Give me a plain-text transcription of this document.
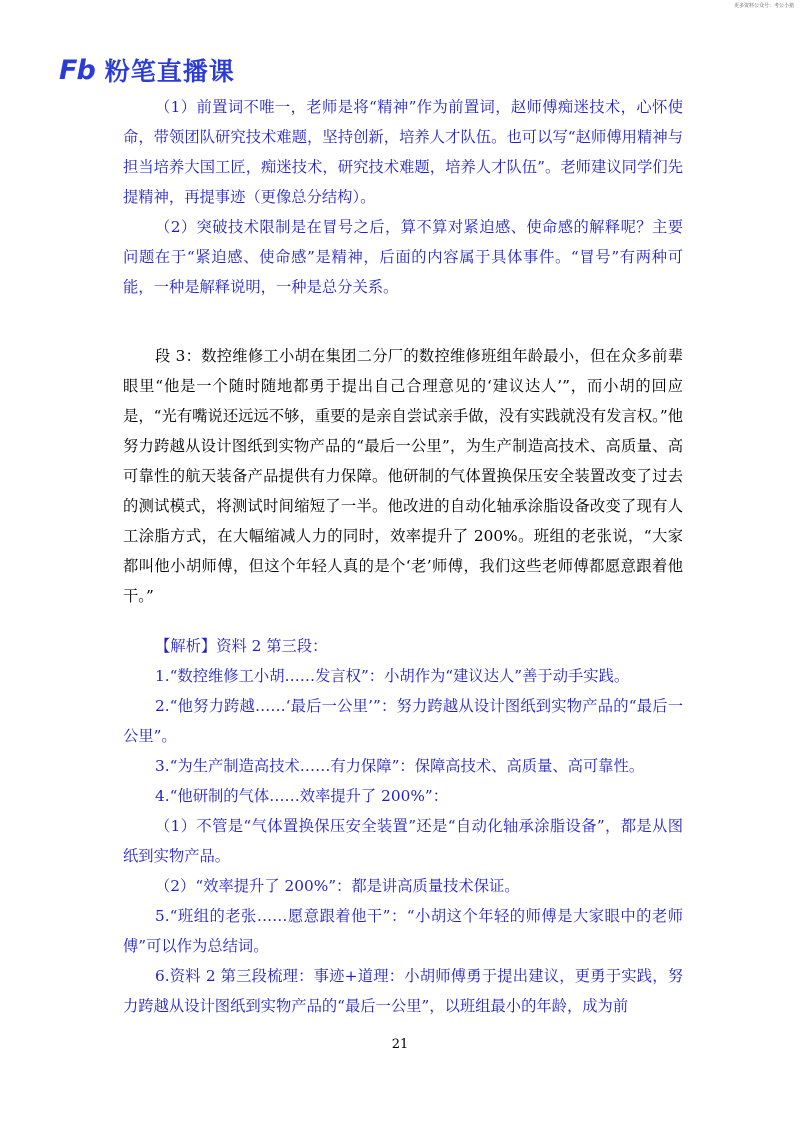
更多资料公众号：考公小猪
Fb 粉笔直播课

（1）前置词不唯一，老师是将“精神”作为前置词，赵师傅痴迷技术，心怀使命，带领团队研究技术难题，坚持创新，培养人才队伍。也可以写“赵师傅用精神与担当培养大国工匠，痴迷技术，研究技术难题，培养人才队伍”。老师建议同学们先提精神，再提事迹（更像总分结构）。

（2）突破技术限制是在冒号之后，算不算对紧迫感、使命感的解释呢？主要问题在于“紧迫感、使命感”是精神，后面的内容属于具体事件。“冒号”有两种可能，一种是解释说明，一种是总分关系。

段 3：数控维修工小胡在集团二分厂的数控维修班组年龄最小，但在众多前辈眼里“他是一个随时随地都勇于提出自己合理意见的‘建议达人’”，而小胡的回应是，“光有嘴说还远远不够，重要的是亲自尝试亲手做，没有实践就没有发言权。”他努力跨越从设计图纸到实物产品的“最后一公里”，为生产制造高技术、高质量、高可靠性的航天装备产品提供有力保障。他研制的气体置换保压安全装置改变了过去的测试模式，将测试时间缩短了一半。他改进的自动化轴承涂脂设备改变了现有人工涂脂方式，在大幅缩减人力的同时，效率提升了 200%。班组的老张说，“大家都叫他小胡师傅，但这个年轻人真的是个‘老’师傅，我们这些老师傅都愿意跟着他干。”

【解析】资料 2 第三段：

1.“数控维修工小胡……发言权”：小胡作为“建议达人”善于动手实践。

2.“他努力跨越……‘最后一公里’”：努力跨越从设计图纸到实物产品的“最后一公里”。

3.“为生产制造高技术……有力保障”：保障高技术、高质量、高可靠性。

4.“他研制的气体……效率提升了 200%”：

（1）不管是“气体置换保压安全装置”还是“自动化轴承涂脂设备”，都是从图纸到实物产品。

（2）“效率提升了 200%”：都是讲高质量技术保证。

5.“班组的老张……愿意跟着他干”：“小胡这个年轻的师傅是大家眼中的老师傅”可以作为总结词。

6.资料 2 第三段梳理：事迹+道理：小胡师傅勇于提出建议，更勇于实践，努力跨越从设计图纸到实物产品的“最后一公里”，以班组最小的年龄，成为前

21
